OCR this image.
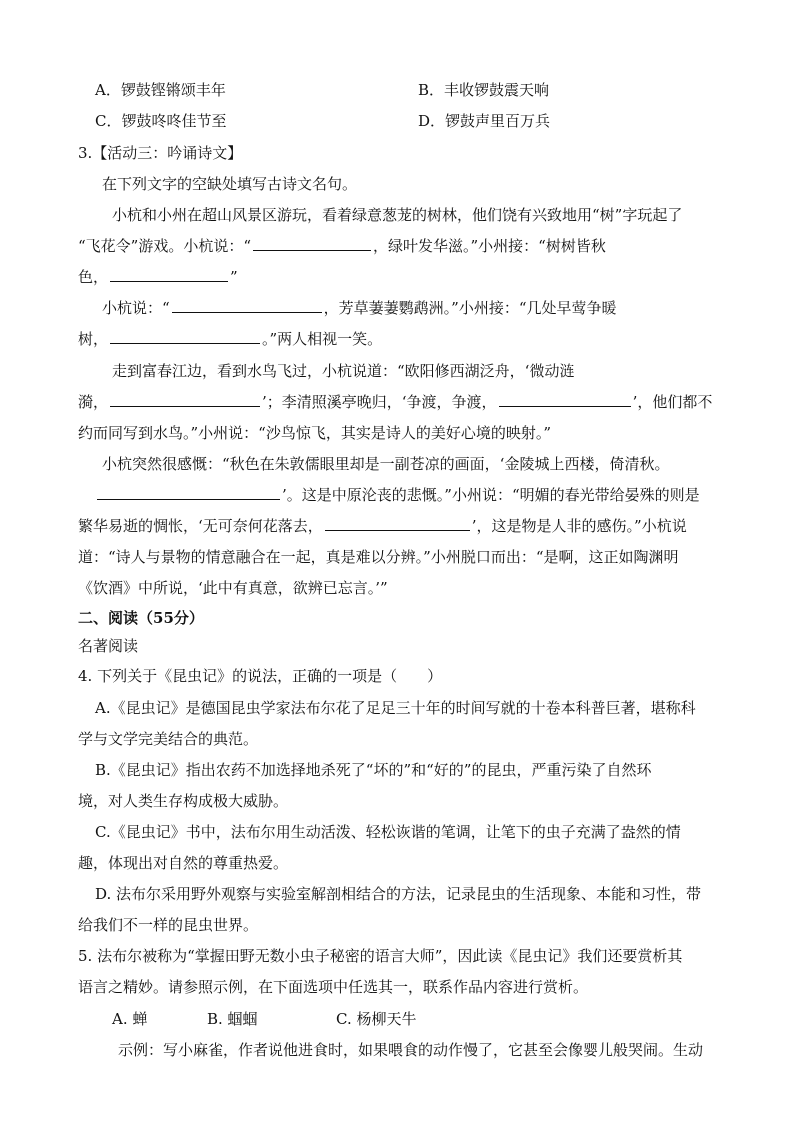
A．锣鼓铿锵颂丰年	B．丰收锣鼓震天响
C．锣鼓咚咚佳节至	D．锣鼓声里百万兵
3.【活动三：吟诵诗文】
在下列文字的空缺处填写古诗文名句。
小杭和小州在超山风景区游玩，看着绿意葱茏的树林，他们饶有兴致地用“树”字玩起了
“飞花令”游戏。小杭说：“	，绿叶发华滋。”小州接：“树树皆秋
色，	”
小杭说：“	，芳草萋萋鹦鹉洲。”小州接：“几处早莺争暖
树，	。”两人相视一笑。
走到富春江边，看到水鸟飞过，小杭说道：“欧阳修西湖泛舟，‘微动涟
漪，	’；李清照溪亭晚归，‘争渡，争渡，	’，他们都不
约而同写到水鸟。”小州说：“沙鸟惊飞，其实是诗人的美好心境的映射。”
小杭突然很感慨：“秋色在朱敦儒眼里却是一副苍凉的画面，‘金陵城上西楼，倚清秋。
’。这是中原沦丧的悲慨。”小州说：“明媚的春光带给晏殊的则是
繁华易逝的惆怅，‘无可奈何花落去，	’，这是物是人非的感伤。”小杭说
道：“诗人与景物的情意融合在一起，真是难以分辨。”小州脱口而出：“是啊，这正如陶渊明
《饮酒》中所说，‘此中有真意，欲辨已忘言。’”
二、阅读（55分）
名著阅读
4. 下列关于《昆虫记》的说法，正确的一项是（　　）
A.《昆虫记》是德国昆虫学家法布尔花了足足三十年的时间写就的十卷本科普巨著，堪称科
学与文学完美结合的典范。
B.《昆虫记》指出农药不加选择地杀死了“坏的”和“好的”的昆虫，严重污染了自然环
境，对人类生存构成极大威胁。
C.《昆虫记》书中，法布尔用生动活泼、轻松诙谐的笔调，让笔下的虫子充满了盎然的情
趣，体现出对自然的尊重热爱。
D. 法布尔采用野外观察与实验室解剖相结合的方法，记录昆虫的生活现象、本能和习性，带
给我们不一样的昆虫世界。
5. 法布尔被称为“掌握田野无数小虫子秘密的语言大师”，因此读《昆虫记》我们还要赏析其
语言之精妙。请参照示例，在下面选项中任选其一，联系作品内容进行赏析。
A. 蝉	B. 蝈蝈	C. 杨柳天牛
示例：写小麻雀，作者说他进食时，如果喂食的动作慢了，它甚至会像婴儿般哭闹。生动
